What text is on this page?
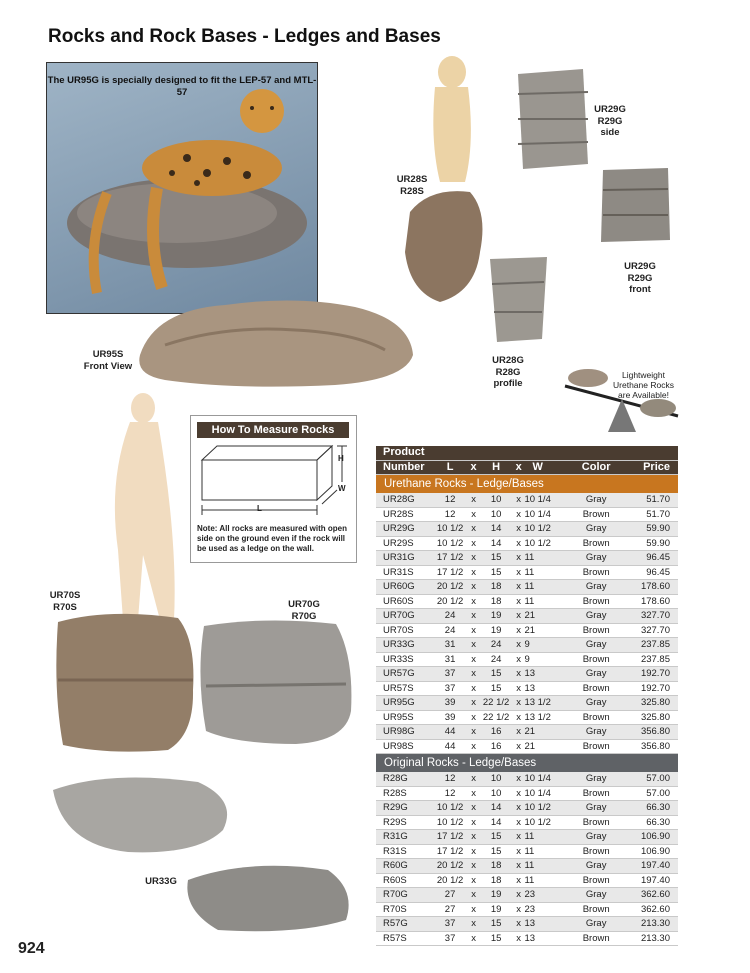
Rocks and Rock Bases - Ledges and Bases
The UR95G is specially designed to fit the LEP-57 and MTL-57
UR95S
Front View
UR28S
R28S
UR29G
R29G
side
UR29G
R29G
front
UR28G
R28G
profile
Lightweight Urethane Rocks are Available!
How To Measure Rocks
H
W
L
Note: All rocks are measured with open side on the ground even if the rock will be used as a ledge on the wall.
UR70S
R70S	UR70G
R70G
UR33G
Product							
Number	L	x	H	x	W	Color	Price
Urethane Rocks - Ledge/Bases							
UR28G	12	x	10	x	10 1/4	Gray	51.70
UR28S	12	x	10	x	10 1/4	Brown	51.70
UR29G	10 1/2	x	14	x	10 1/2	Gray	59.90
UR29S	10 1/2	x	14	x	10 1/2	Brown	59.90
UR31G	17 1/2	x	15	x	11	Gray	96.45
UR31S	17 1/2	x	15	x	11	Brown	96.45
UR60G	20 1/2	x	18	x	11	Gray	178.60
UR60S	20 1/2	x	18	x	11	Brown	178.60
UR70G	24	x	19	x	21	Gray	327.70
UR70S	24	x	19	x	21	Brown	327.70
UR33G	31	x	24	x	9	Gray	237.85
UR33S	31	x	24	x	9	Brown	237.85
UR57G	37	x	15	x	13	Gray	192.70
UR57S	37	x	15	x	13	Brown	192.70
UR95G	39	x	22 1/2	x	13 1/2	Gray	325.80
UR95S	39	x	22 1/2	x	13 1/2	Brown	325.80
UR98G	44	x	16	x	21	Gray	356.80
UR98S	44	x	16	x	21	Brown	356.80
Original Rocks - Ledge/Bases							
R28G	12	x	10	x	10 1/4	Gray	57.00
R28S	12	x	10	x	10 1/4	Brown	57.00
R29G	10 1/2	x	14	x	10 1/2	Gray	66.30
R29S	10 1/2	x	14	x	10 1/2	Brown	66.30
R31G	17 1/2	x	15	x	11	Gray	106.90
R31S	17 1/2	x	15	x	11	Brown	106.90
R60G	20 1/2	x	18	x	11	Gray	197.40
R60S	20 1/2	x	18	x	11	Brown	197.40
R70G	27	x	19	x	23	Gray	362.60
R70S	27	x	19	x	23	Brown	362.60
R57G	37	x	15	x	13	Gray	213.30
R57S	37	x	15	x	13	Brown	213.30
924
